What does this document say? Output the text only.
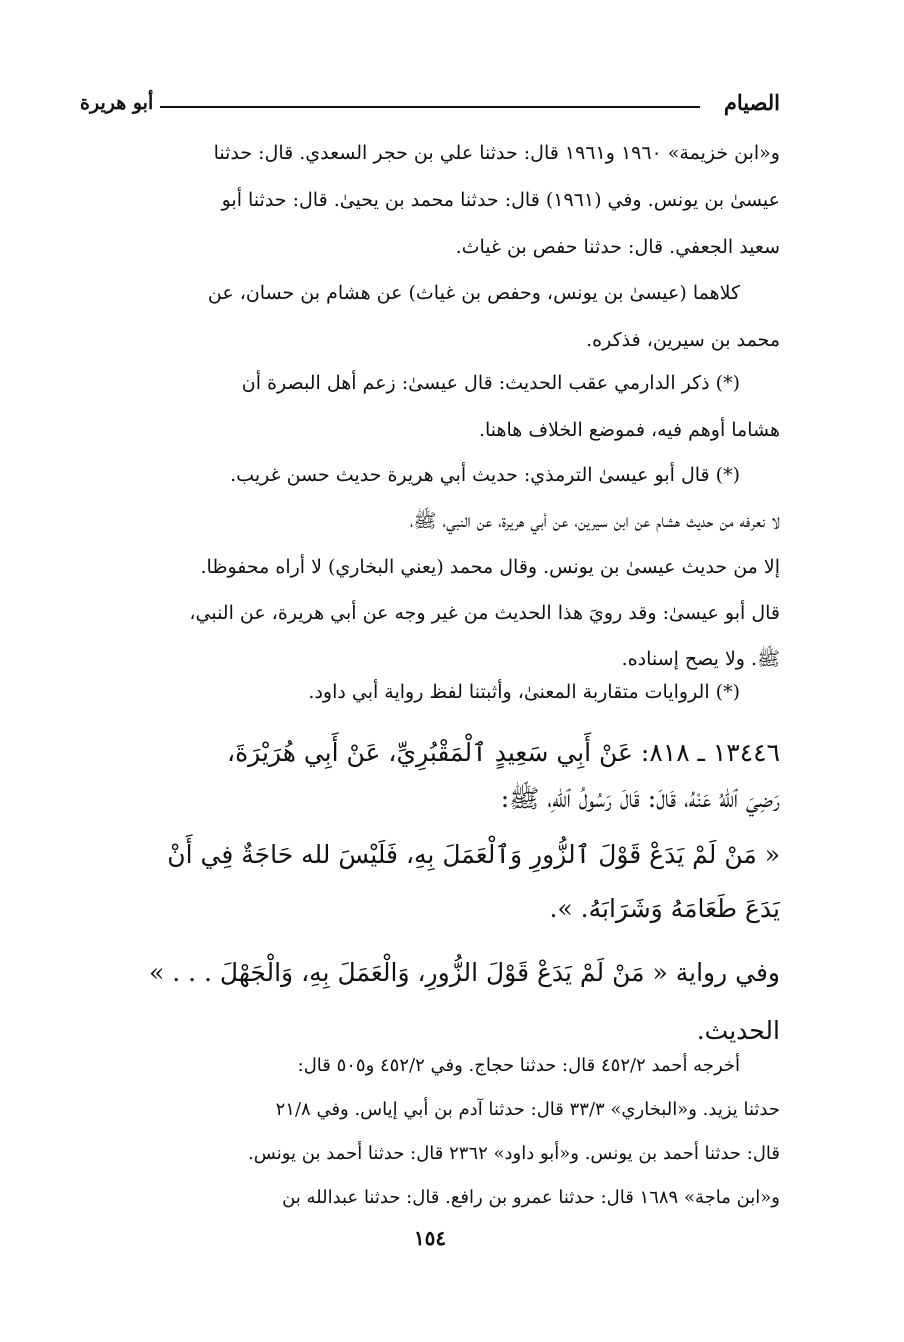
الصيام
أبو هريرة

و«ابن خزيمة» ١٩٦٠ و١٩٦١ قال: حدثنا علي بن حجر السعدي. قال: حدثنا

عيسىٰ بن يونس. وفي (١٩٦١) قال: حدثنا محمد بن يحيىٰ. قال: حدثنا أبو

سعيد الجعفي. قال: حدثنا حفص بن غياث.

كلاهما (عيسىٰ بن يونس، وحفص بن غياث) عن هشام بن حسان، عن

محمد بن سيرين، فذكره.

(*) ذكر الدارمي عقب الحديث: قال عيسىٰ: زعم أهل البصرة أن

هشاما أوهم فيه، فموضع الخلاف هاهنا.

(*) قال أبو عيسىٰ الترمذي: حديث أبي هريرة حديث حسن غريب.

لا نعرفه من حديث هشام عن ابن سيرين، عن أبي هريرة، عن النبي، ﷺ،

إلا من حديث عيسىٰ بن يونس. وقال محمد (يعني البخاري) لا أراه محفوظا.

قال أبو عيسىٰ: وقد رويَ هذا الحديث من غير وجه عن أبي هريرة، عن النبي،

ﷺ. ولا يصح إسناده.

(*) الروايات متقاربة المعنىٰ، وأثبتنا لفظ رواية أبي داود.

١٣٤٤٦ ـ ٨١٨: عَنْ أَبِي سَعِيدٍ ٱلْمَقْبُرِيِّ، عَنْ أَبِي هُرَيْرَةَ،

رَضِيَ ٱللهُ عَنْهُ، قَالَ: قَالَ رَسُولُ ٱللهِ، ﷺ:

« مَنْ لَمْ يَدَعْ قَوْلَ ٱلزُّورِ وَٱلْعَمَلَ بِهِ، فَلَيْسَ لله حَاجَةٌ فِي أَنْ

يَدَعَ طَعَامَهُ وَشَرَابَهُ. ».

وفي رواية « مَنْ لَمْ يَدَعْ قَوْلَ الزُّورِ، وَالْعَمَلَ بِهِ، وَالْجَهْلَ . . . »

الحديث.

أخرجه أحمد ٤٥٢/٢ قال: حدثنا حجاج. وفي ٤٥٢/٢ و٥٠٥ قال:

حدثنا يزيد. و«البخاري» ٣٣/٣ قال: حدثنا آدم بن أبي إياس. وفي ٢١/٨

قال: حدثنا أحمد بن يونس. و«أبو داود» ٢٣٦٢ قال: حدثنا أحمد بن يونس.

و«ابن ماجة» ١٦٨٩ قال: حدثنا عمرو بن رافع. قال: حدثنا عبدالله بن

١٥٤
